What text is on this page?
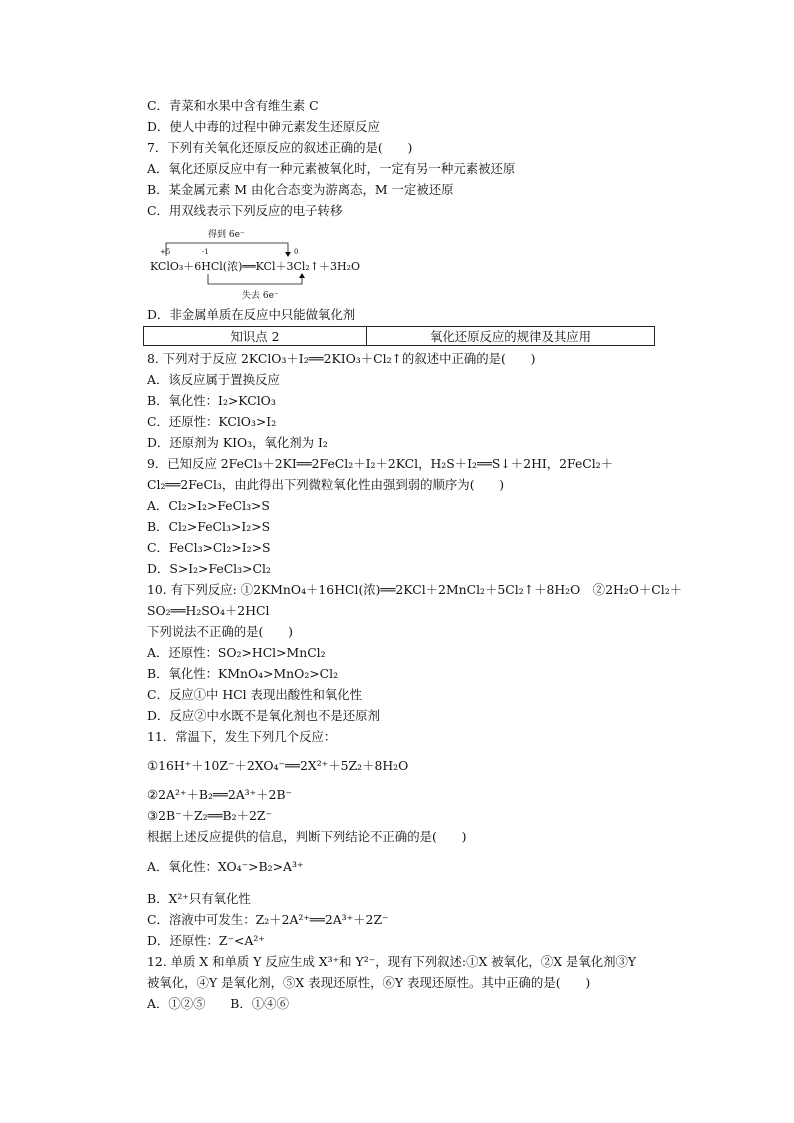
C．青菜和水果中含有维生素 C
D．使人中毒的过程中砷元素发生还原反应
7．下列有关氧化还原反应的叙述正确的是(　　)
A．氧化还原反应中有一种元素被氧化时，一定有另一种元素被还原
B．某金属元素 M 由化合态变为游离态，M 一定被还原
C．用双线表示下列反应的电子转移
得到 6e⁻
+5	0
-1
KClO₃＋6HCl(浓)══KCl＋3Cl₂↑＋3H₂O
失去 6e⁻
D．非金属单质在反应中只能做氧化剂
知识点 2	氧化还原反应的规律及其应用
8. 下列对于反应 2KClO₃＋I₂══2KIO₃＋Cl₂↑的叙述中正确的是(　　)
A．该反应属于置换反应
B．氧化性：I₂>KClO₃
C．还原性：KClO₃>I₂
D．还原剂为 KIO₃，氧化剂为 I₂
9．已知反应 2FeCl₃＋2KI══2FeCl₂＋I₂＋2KCl，H₂S＋I₂══S↓＋2HI，2FeCl₂＋
Cl₂══2FeCl₃，由此得出下列微粒氧化性由强到弱的顺序为(　　)
A．Cl₂>I₂>FeCl₃>S
B．Cl₂>FeCl₃>I₂>S
C．FeCl₃>Cl₂>I₂>S
D．S>I₂>FeCl₃>Cl₂
10. 有下列反应: ①2KMnO₄＋16HCl(浓)══2KCl＋2MnCl₂＋5Cl₂↑＋8H₂O　②2H₂O＋Cl₂＋
SO₂══H₂SO₄＋2HCl
下列说法不正确的是(　　)
A．还原性：SO₂>HCl>MnCl₂
B．氧化性：KMnO₄>MnO₂>Cl₂
C．反应①中 HCl 表现出酸性和氧化性
D．反应②中水既不是氧化剂也不是还原剂
11．常温下，发生下列几个反应：
①16H⁺＋10Z⁻＋2XO₄⁻══2X²⁺＋5Z₂＋8H₂O
②2A²⁺＋B₂══2A³⁺＋2B⁻
③2B⁻＋Z₂══B₂＋2Z⁻
根据上述反应提供的信息，判断下列结论不正确的是(　　)
A．氧化性：XO₄⁻>B₂>A³⁺
B．X²⁺只有氧化性
C．溶液中可发生：Z₂＋2A²⁺══2A³⁺＋2Z⁻
D．还原性：Z⁻<A²⁺
12. 单质 X 和单质 Y 反应生成 X³⁺和 Y²⁻，现有下列叙述:①X 被氧化，②X 是氧化剂③Y
被氧化，④Y 是氧化剂，⑤X 表现还原性，⑥Y 表现还原性。其中正确的是(　　)
A．①②⑤　　B．①④⑥
